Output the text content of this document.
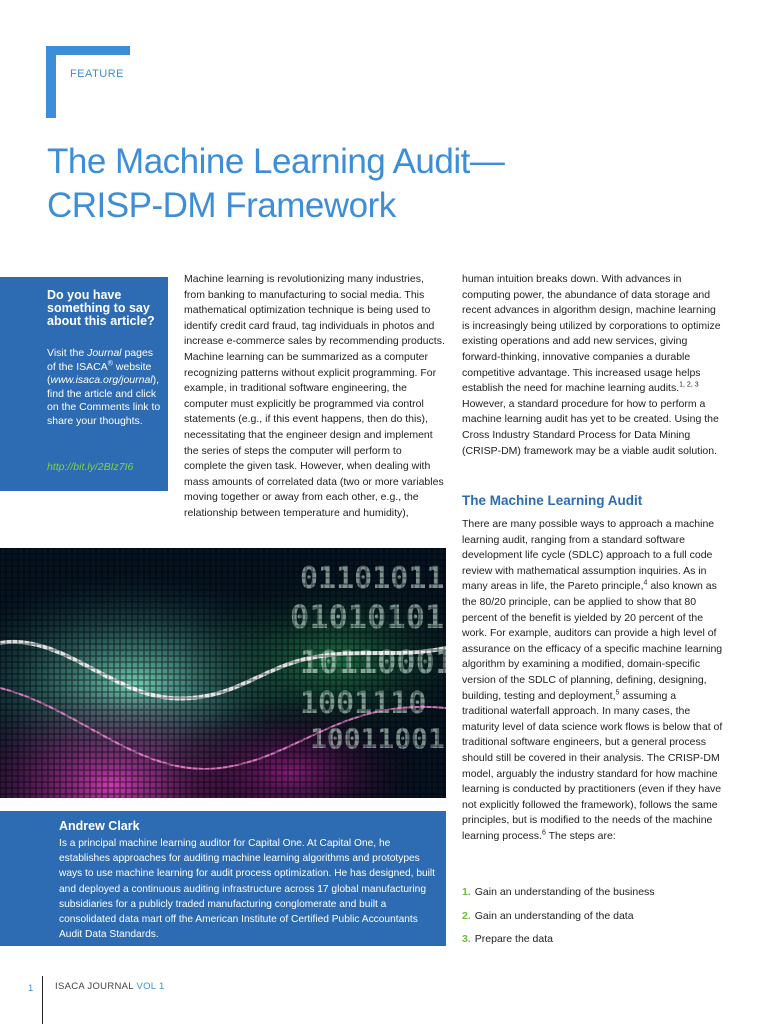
FEATURE
The Machine Learning Audit—
CRISP-DM Framework
Do you have something to say about this article?
Visit the Journal pages of the ISACA® website (www.isaca.org/journal), find the article and click on the Comments link to share your thoughts.
http://bit.ly/2BIz7I6
Machine learning is revolutionizing many industries, from banking to manufacturing to social media. This mathematical optimization technique is being used to identify credit card fraud, tag individuals in photos and increase e-commerce sales by recommending products. Machine learning can be summarized as a computer recognizing patterns without explicit programming. For example, in traditional software engineering, the computer must explicitly be programmed via control statements (e.g., if this event happens, then do this), necessitating that the engineer design and implement the series of steps the computer will perform to complete the given task. However, when dealing with mass amounts of correlated data (two or more variables moving together or away from each other, e.g., the relationship between temperature and humidity),
human intuition breaks down. With advances in computing power, the abundance of data storage and recent advances in algorithm design, machine learning is increasingly being utilized by corporations to optimize existing operations and add new services, giving forward-thinking, innovative companies a durable competitive advantage. This increased usage helps establish the need for machine learning audits.$^{1, 2, 3}$ However, a standard procedure for how to perform a machine learning audit has yet to be created. Using the Cross Industry Standard Process for Data Mining (CRISP-DM) framework may be a viable audit solution.
The Machine Learning Audit
There are many possible ways to approach a machine learning audit, ranging from a standard software development life cycle (SDLC) approach to a full code review with mathematical assumption inquiries. As in many areas in life, the Pareto principle,$^4$ also known as the 80/20 principle, can be applied to show that 80 percent of the benefit is yielded by 20 percent of the work. For example, auditors can provide a high level of assurance on the efficacy of a specific machine learning algorithm by examining a modified, domain-specific version of the SDLC of planning, defining, designing, building, testing and deployment,$^5$ assuming a traditional waterfall approach. In many cases, the maturity level of data science work flows is below that of traditional software engineers, but a general process should still be covered in their analysis. The CRISP-DM model, arguably the industry standard for how machine learning is conducted by practitioners (even if they have not explicitly followed the framework), follows the same principles, but is modified to the needs of the machine learning process.$^6$ The steps are:
1. Gain an understanding of the business
2. Gain an understanding of the data
3. Prepare the data
Andrew Clark
Is a principal machine learning auditor for Capital One. At Capital One, he establishes approaches for auditing machine learning algorithms and prototypes ways to use machine learning for audit process optimization. He has designed, built and deployed a continuous auditing infrastructure across 17 global manufacturing subsidiaries for a publicly traded manufacturing conglomerate and built a consolidated data mart off the American Institute of Certified Public Accountants Audit Data Standards.
1 ISACA JOURNAL VOL 1
